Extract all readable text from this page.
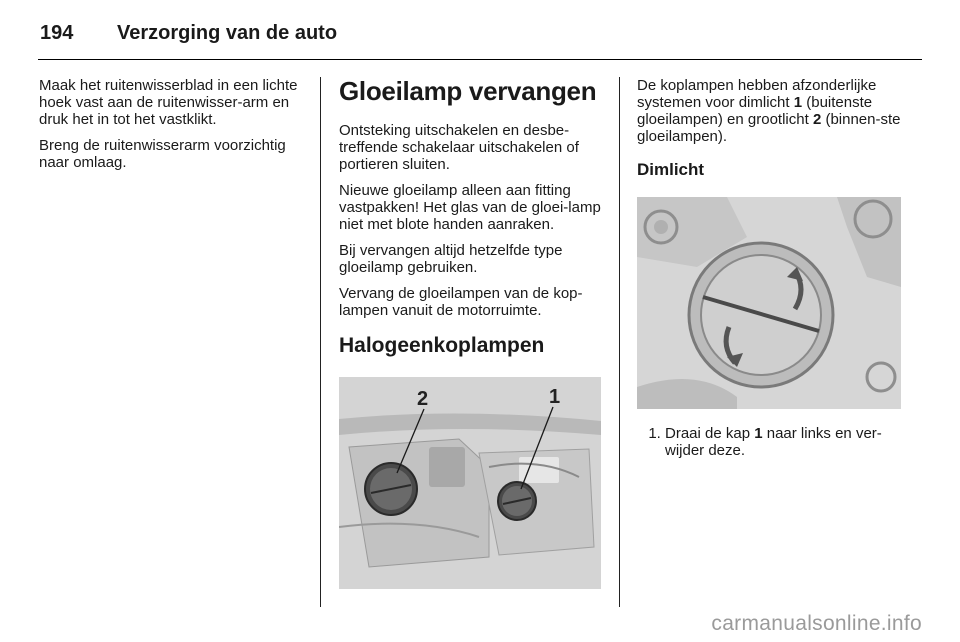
194 Verzorging van de auto

Maak het ruitenwisserblad in een lichte hoek vast aan de ruitenwisser-arm en druk het in tot het vastklikt.

Breng de ruitenwisserarm voorzichtig naar omlaag.

Gloeilamp vervangen

Ontsteking uitschakelen en desbe-treffende schakelaar uitschakelen of portieren sluiten.

Nieuwe gloeilamp alleen aan fitting vastpakken! Het glas van de gloei-lamp niet met blote handen aanraken.

Bij vervangen altijd hetzelfde type gloeilamp gebruiken.

Vervang de gloeilampen van de kop-lampen vanuit de motorruimte.

Halogeenkoplampen
2	1

De koplampen hebben afzonderlijke systemen voor dimlicht 1 (buitenste gloeilampen) en grootlicht 2 (binnen-ste gloeilampen).

Dimlicht
1. Draai de kap 1 naar links en ver-wijder deze.
carmanualsonline.info
